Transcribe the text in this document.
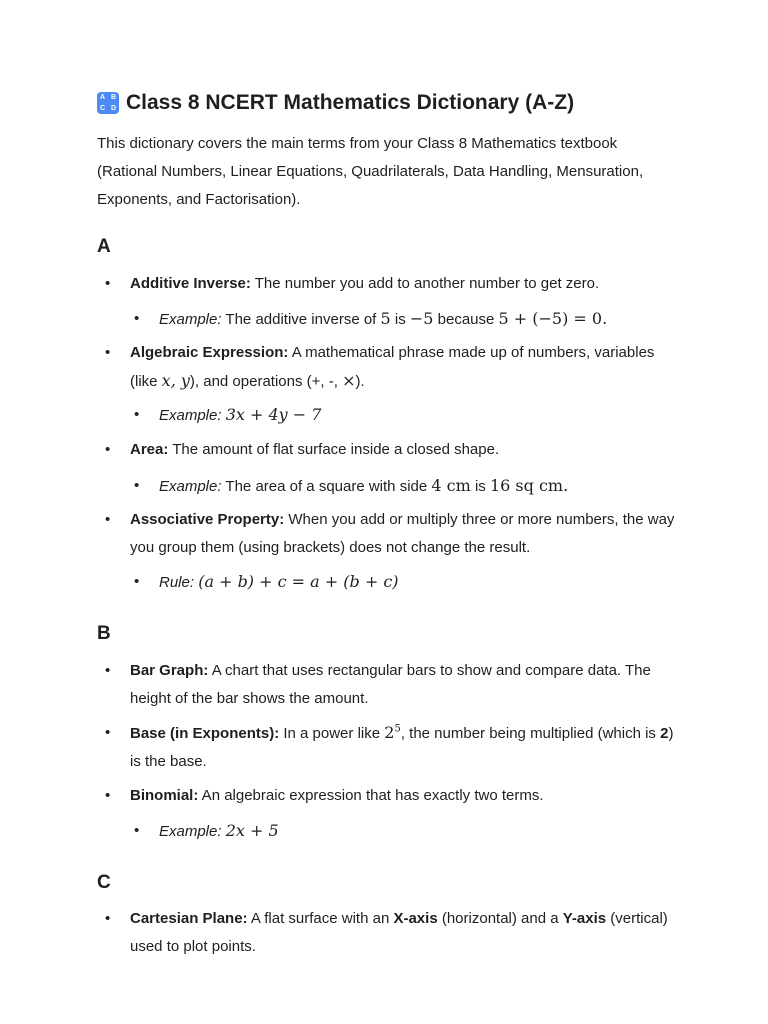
A B
C D Class 8 NCERT Mathematics Dictionary (A-Z)

This dictionary covers the main terms from your Class 8 Mathematics textbook (Rational Numbers, Linear Equations, Quadrilaterals, Data Handling, Mensuration, Exponents, and Factorisation).

A
• Additive Inverse: The number you add to another number to get zero.
• Example: The additive inverse of 5 is −5 because 5 + (−5) = 0.
• Algebraic Expression: A mathematical phrase made up of numbers, variables (like x, y), and operations (+, -, ×).
• Example: 3x + 4y − 7
• Area: The amount of flat surface inside a closed shape.
• Example: The area of a square with side 4 cm is 16 sq cm.
• Associative Property: When you add or multiply three or more numbers, the way you group them (using brackets) does not change the result.
• Rule: (a + b) + c = a + (b + c)
B
• Bar Graph: A chart that uses rectangular bars to show and compare data. The height of the bar shows the amount.
• Base (in Exponents): In a power like $2^5$, the number being multiplied (which is 2) is the base.
• Binomial: An algebraic expression that has exactly two terms.
• Example: 2x + 5
C
• Cartesian Plane: A flat surface with an X-axis (horizontal) and a Y-axis (vertical) used to plot points.
